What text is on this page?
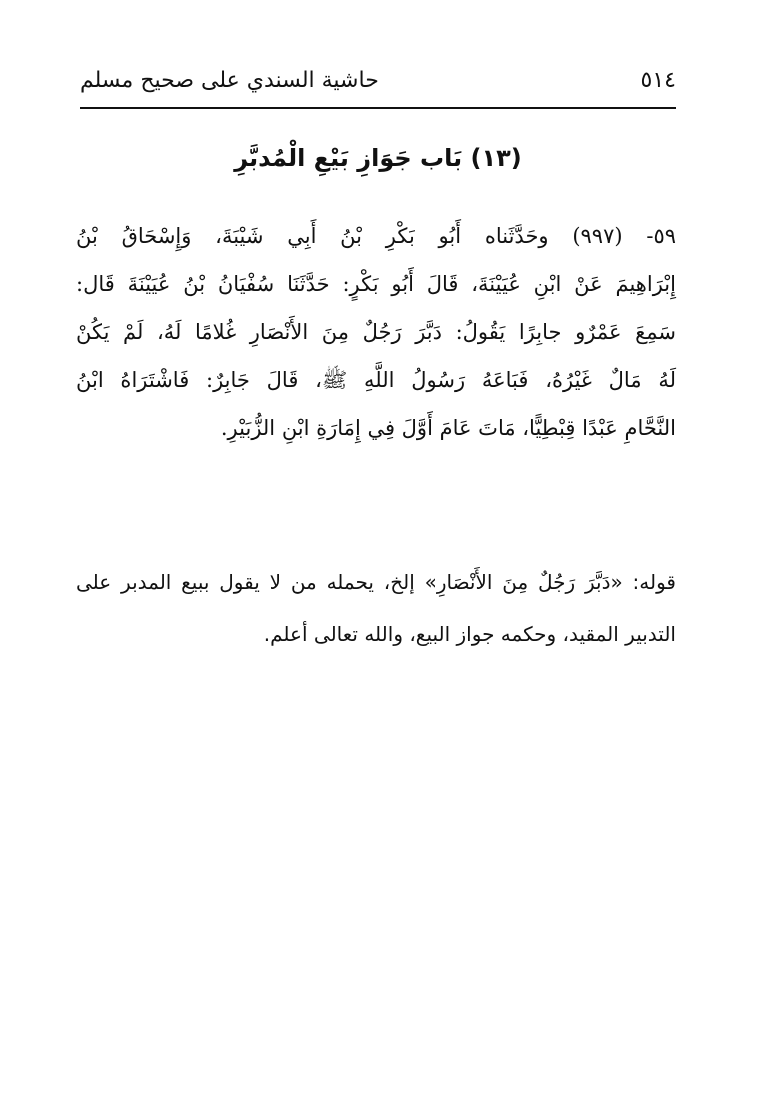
٥١٤
حاشية السندي على صحيح مسلم
(١٣) بَاب جَوَازِ بَيْعِ الْمُدبَّرِ
٥٩- (٩٩٧) وحَدَّثَناه أَبُو بَكْرِ بْنُ أَبِي شَيْبَةَ، وَإِسْحَاقُ بْنُ
إِبْرَاهِيمَ عَنْ ابْنِ عُيَيْنَةَ، قَالَ أَبُو بَكْرٍ: حَدَّثَنَا سُفْيَانُ بْنُ عُيَيْنَةَ قَال:
سَمِعَ عَمْرٌو جابِرًا يَقُولُ: دَبَّرَ رَجُلٌ مِنَ الأَنْصَارِ غُلامًا لَهُ، لَمْ يَكُنْ
لَهُ مَالٌ غَيْرُهُ، فَبَاعَهُ رَسُولُ اللَّهِ ﷺ، قَالَ جَابِرٌ: فَاشْتَرَاهُ ابْنُ
النَّحَّامِ عَبْدًا قِبْطِيًّا، مَاتَ عَامَ أَوَّلَ فِي إِمَارَةِ ابْنِ الزُّبَيْرِ.
قوله: «دَبَّرَ رَجُلٌ مِنَ الأَنْصَارِ» إلخ، يحمله من لا يقول ببيع المدبر على
التدبير المقيد، وحكمه جواز البيع، والله تعالى أعلم.
